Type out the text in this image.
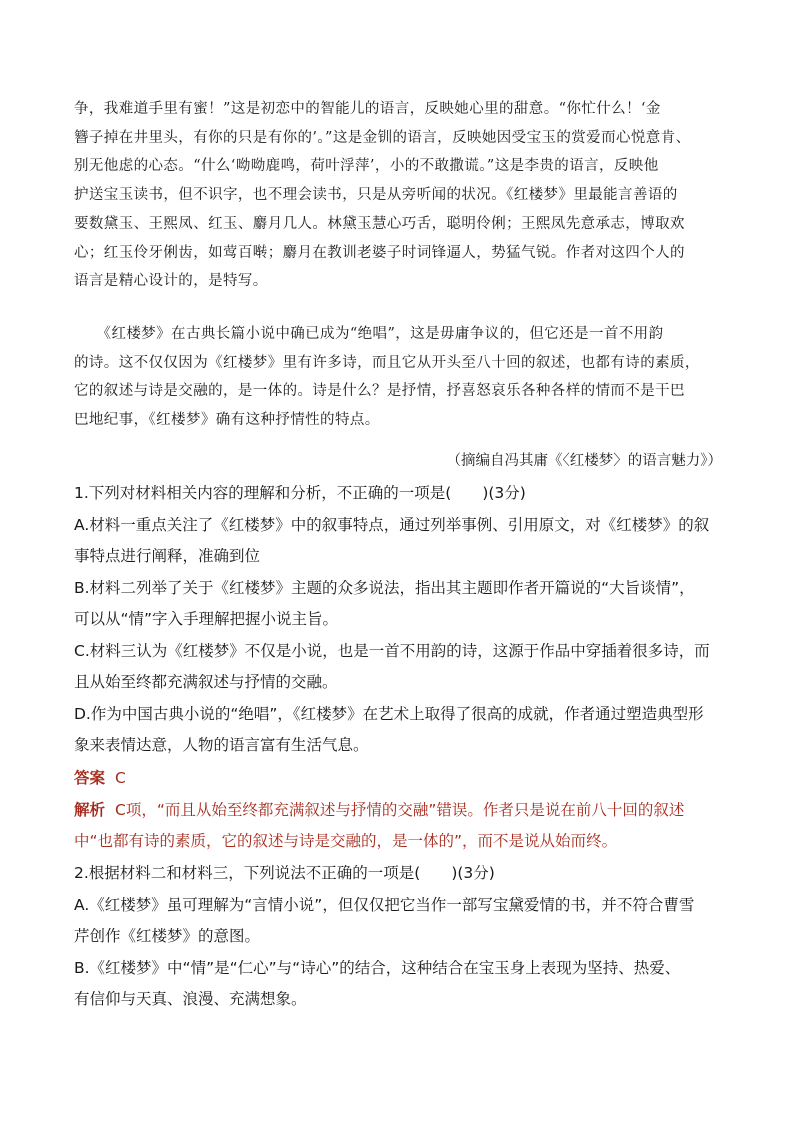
争，我难道手里有蜜！”这是初恋中的智能儿的语言，反映她心里的甜意。“你忙什么！‘金
簪子掉在井里头，有你的只是有你的’。”这是金钏的语言，反映她因受宝玉的赏爱而心悦意肯、
别无他虑的心态。“什么‘呦呦鹿鸣，荷叶浮萍’，小的不敢撒谎。”这是李贵的语言，反映他
护送宝玉读书，但不识字，也不理会读书，只是从旁听闻的状况。《红楼梦》里最能言善语的
要数黛玉、王熙凤、红玉、麝月几人。林黛玉慧心巧舌，聪明伶俐；王熙凤先意承志，博取欢
心；红玉伶牙俐齿，如莺百啭；麝月在教训老婆子时词锋逼人，势猛气锐。作者对这四个人的
语言是精心设计的，是特写。
　　《红楼梦》在古典长篇小说中确已成为“绝唱”，这是毋庸争议的，但它还是一首不用韵
的诗。这不仅仅因为《红楼梦》里有许多诗，而且它从开头至八十回的叙述，也都有诗的素质，
它的叙述与诗是交融的，是一体的。诗是什么？是抒情，抒喜怒哀乐各种各样的情而不是干巴
巴地纪事，《红楼梦》确有这种抒情性的特点。

（摘编自冯其庸《〈红楼梦〉的语言魅力》）

1.下列对材料相关内容的理解和分析，不正确的一项是(　　)(3分)
A.材料一重点关注了《红楼梦》中的叙事特点，通过列举事例、引用原文，对《红楼梦》的叙
事特点进行阐释，准确到位
B.材料二列举了关于《红楼梦》主题的众多说法，指出其主题即作者开篇说的“大旨谈情”，
可以从“情”字入手理解把握小说主旨。
C.材料三认为《红楼梦》不仅是小说，也是一首不用韵的诗，这源于作品中穿插着很多诗，而
且从始至终都充满叙述与抒情的交融。
D.作为中国古典小说的“绝唱”，《红楼梦》在艺术上取得了很高的成就，作者通过塑造典型形
象来表情达意，人物的语言富有生活气息。
答案 C
解析 C项，“而且从始至终都充满叙述与抒情的交融”错误。作者只是说在前八十回的叙述
中“也都有诗的素质，它的叙述与诗是交融的，是一体的”，而不是说从始而终。
2.根据材料二和材料三，下列说法不正确的一项是(　　)(3分)
A.《红楼梦》虽可理解为“言情小说”，但仅仅把它当作一部写宝黛爱情的书，并不符合曹雪
芹创作《红楼梦》的意图。
B.《红楼梦》中“情”是“仁心”与“诗心”的结合，这种结合在宝玉身上表现为坚持、热爱、
有信仰与天真、浪漫、充满想象。
